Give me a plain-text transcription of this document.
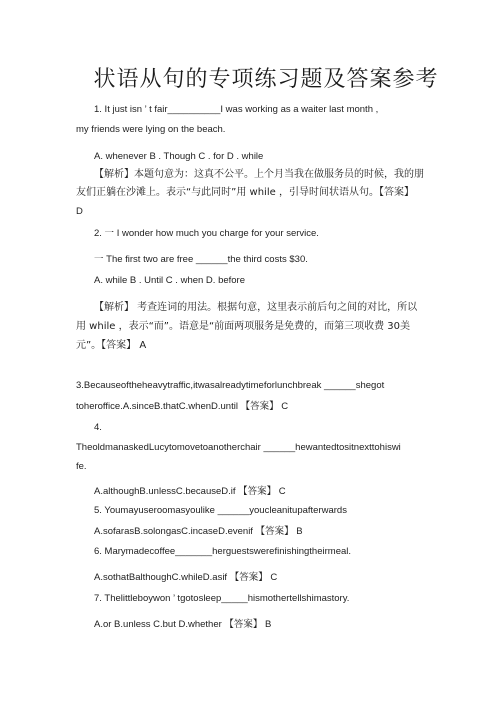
状语从句的专项练习题及答案参考
1. It just isn ’ t fair__________I was working as a waiter last month ,
my friends were lying on the beach.
A. whenever B . Though C . for D . while
【解析】本题句意为：这真不公平。上个月当我在做服务员的时候，我的朋
友们正躺在沙滩上。表示“与此同时”用 while ，引导时间状语从句。【答案】
D
2. 一 I wonder how much you charge for your service.
一 The first two are free ______the third costs $30.
A. while B . Until C . when D. before
【解析】 考查连词的用法。根据句意，这里表示前后句之间的对比，所以
用 while ，表示“而”。语意是“前面两项服务是免费的，而第三项收费 30美
元”。【答案】 A
3.Becauseoftheheavytraffic,itwasalreadytimeforlunchbreak ______shegot
toheroffice.A.sinceB.thatC.whenD.until 【答案】 C
4.
TheoldmanaskedLucytomovetoanotherchair ______hewantedtositnexttohiswi
fe.
A.althoughB.unlessC.becauseD.if 【答案】 C
5. Youmayuseroomasyoulike ______youcleanitupafterwards
A.sofarasB.solongasC.incaseD.evenif 【答案】 B
6. Marymadecoffee_______herguestswerefinishingtheirmeal.
A.sothatBalthoughC.whileD.asif 【答案】 C
7. Thelittleboywon ’ tgotosleep_____hismothertellshimastory.
A.or B.unless C.but D.whether 【答案】 B
